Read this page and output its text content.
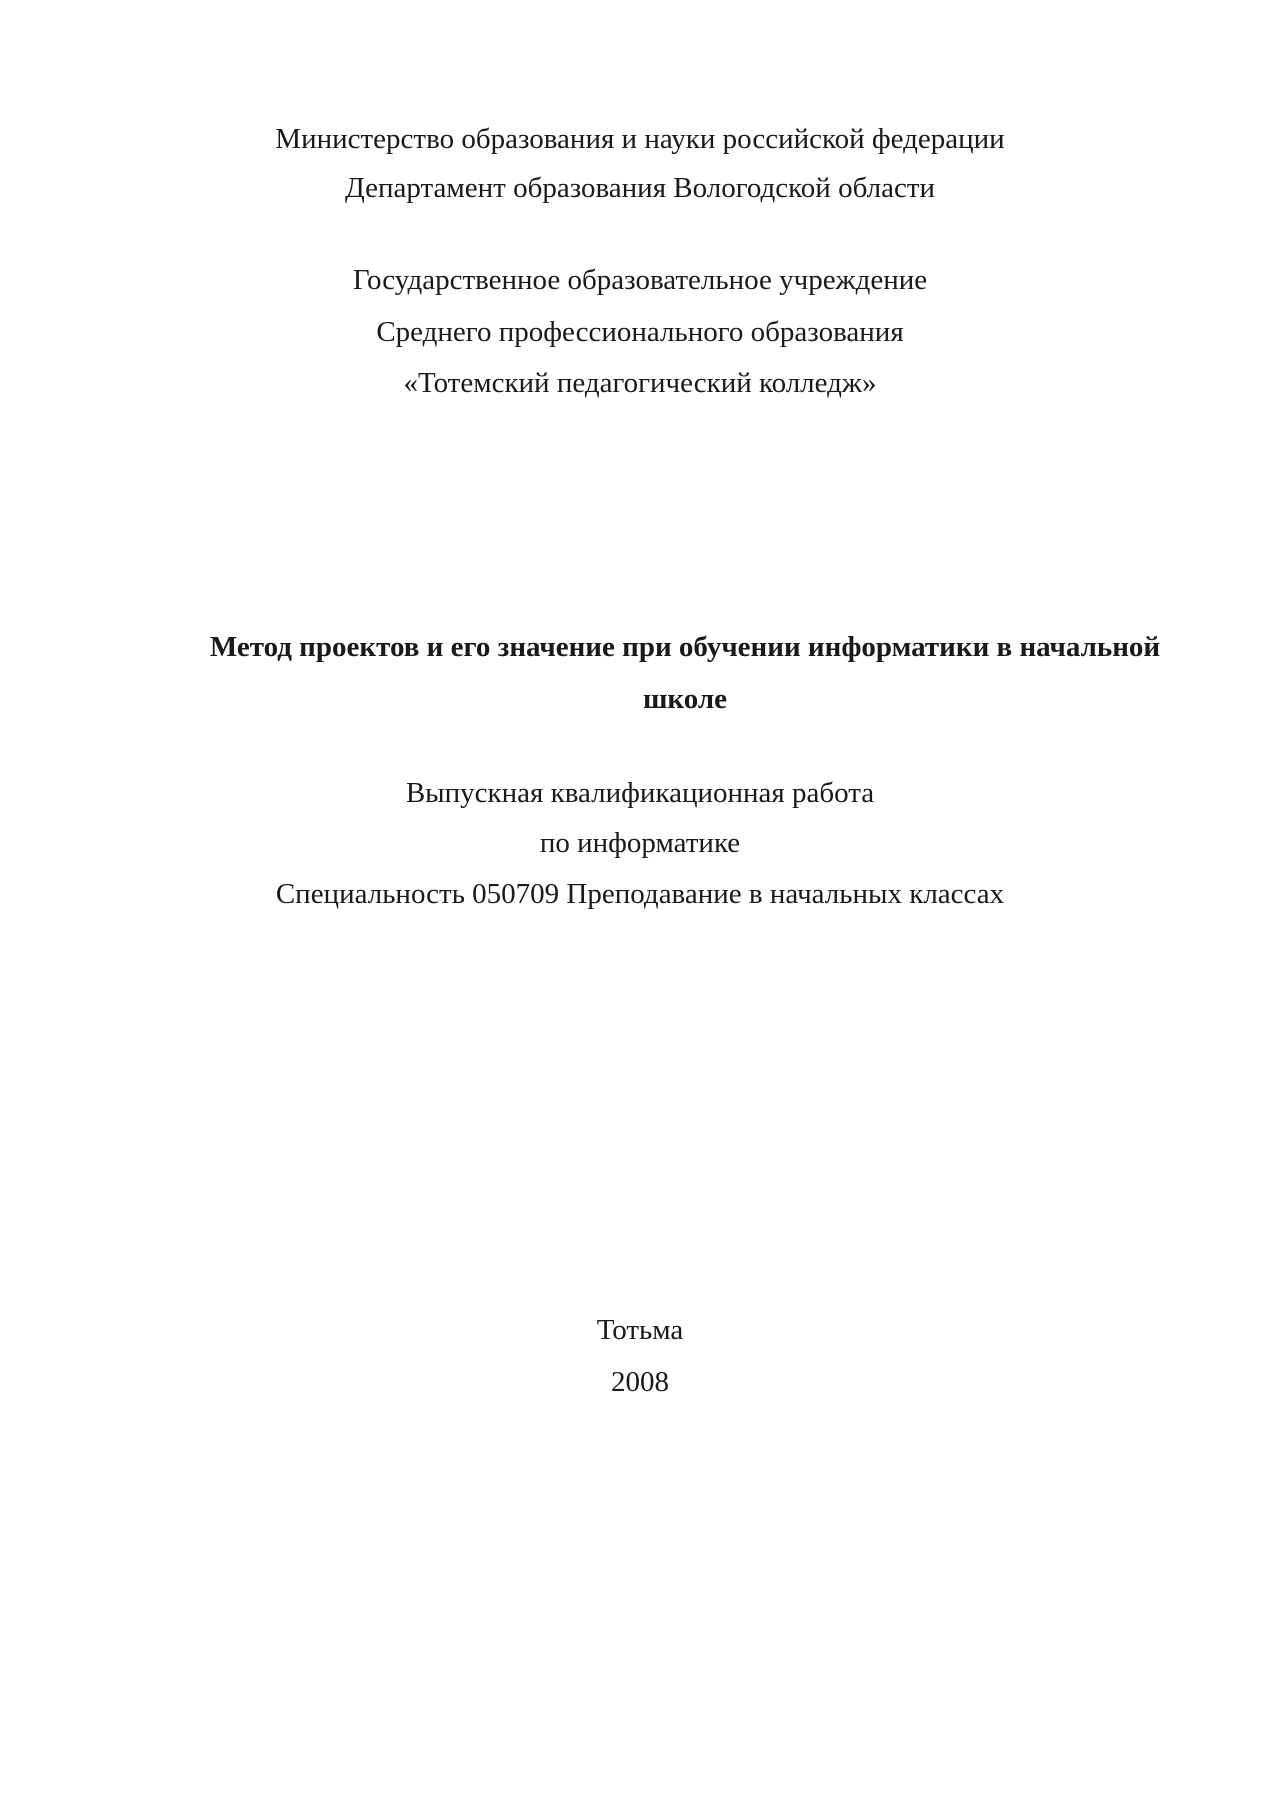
Министерство образования и науки российской федерации
Департамент образования Вологодской области
Государственное образовательное учреждение
Среднего профессионального образования
«Тотемский педагогический колледж»
Метод проектов и его значение при обучении информатики в начальной
школе
Выпускная квалификационная работа
по информатике
Специальность 050709 Преподавание в начальных классах
Тотьма
2008
